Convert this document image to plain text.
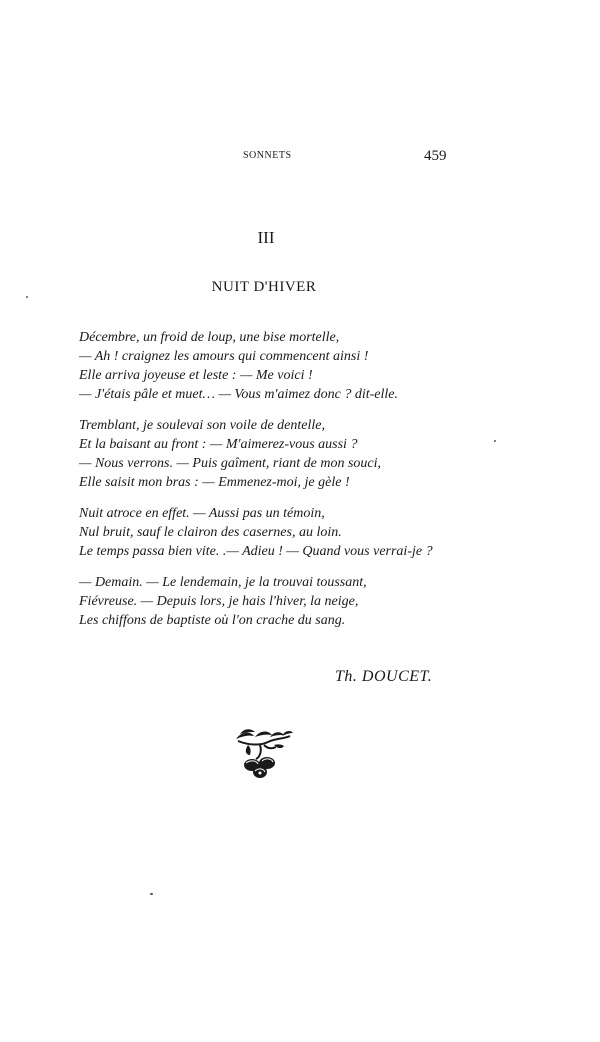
SONNETS	459
III
NUIT D'HIVER
Décembre, un froid de loup, une bise mortelle,
— Ah ! craignez les amours qui commencent ainsi !
Elle arriva joyeuse et leste : — Me voici !
— J'étais pâle et muet… — Vous m'aimez donc ? dit-elle.
Tremblant, je soulevai son voile de dentelle,
Et la baisant au front : — M'aimerez-vous aussi ?
— Nous verrons. — Puis gaîment, riant de mon souci,
Elle saisit mon bras : — Emmenez-moi, je gèle !
Nuit atroce en effet. — Aussi pas un témoin,
Nul bruit, sauf le clairon des casernes, au loin.
Le temps passa bien vite. .— Adieu ! — Quand vous verrai-je ?
— Demain. — Le lendemain, je la trouvai toussant,
Fiévreuse. — Depuis lors, je hais l'hiver, la neige,
Les chiffons de baptiste où l'on crache du sang.
Th. DOUCET.
